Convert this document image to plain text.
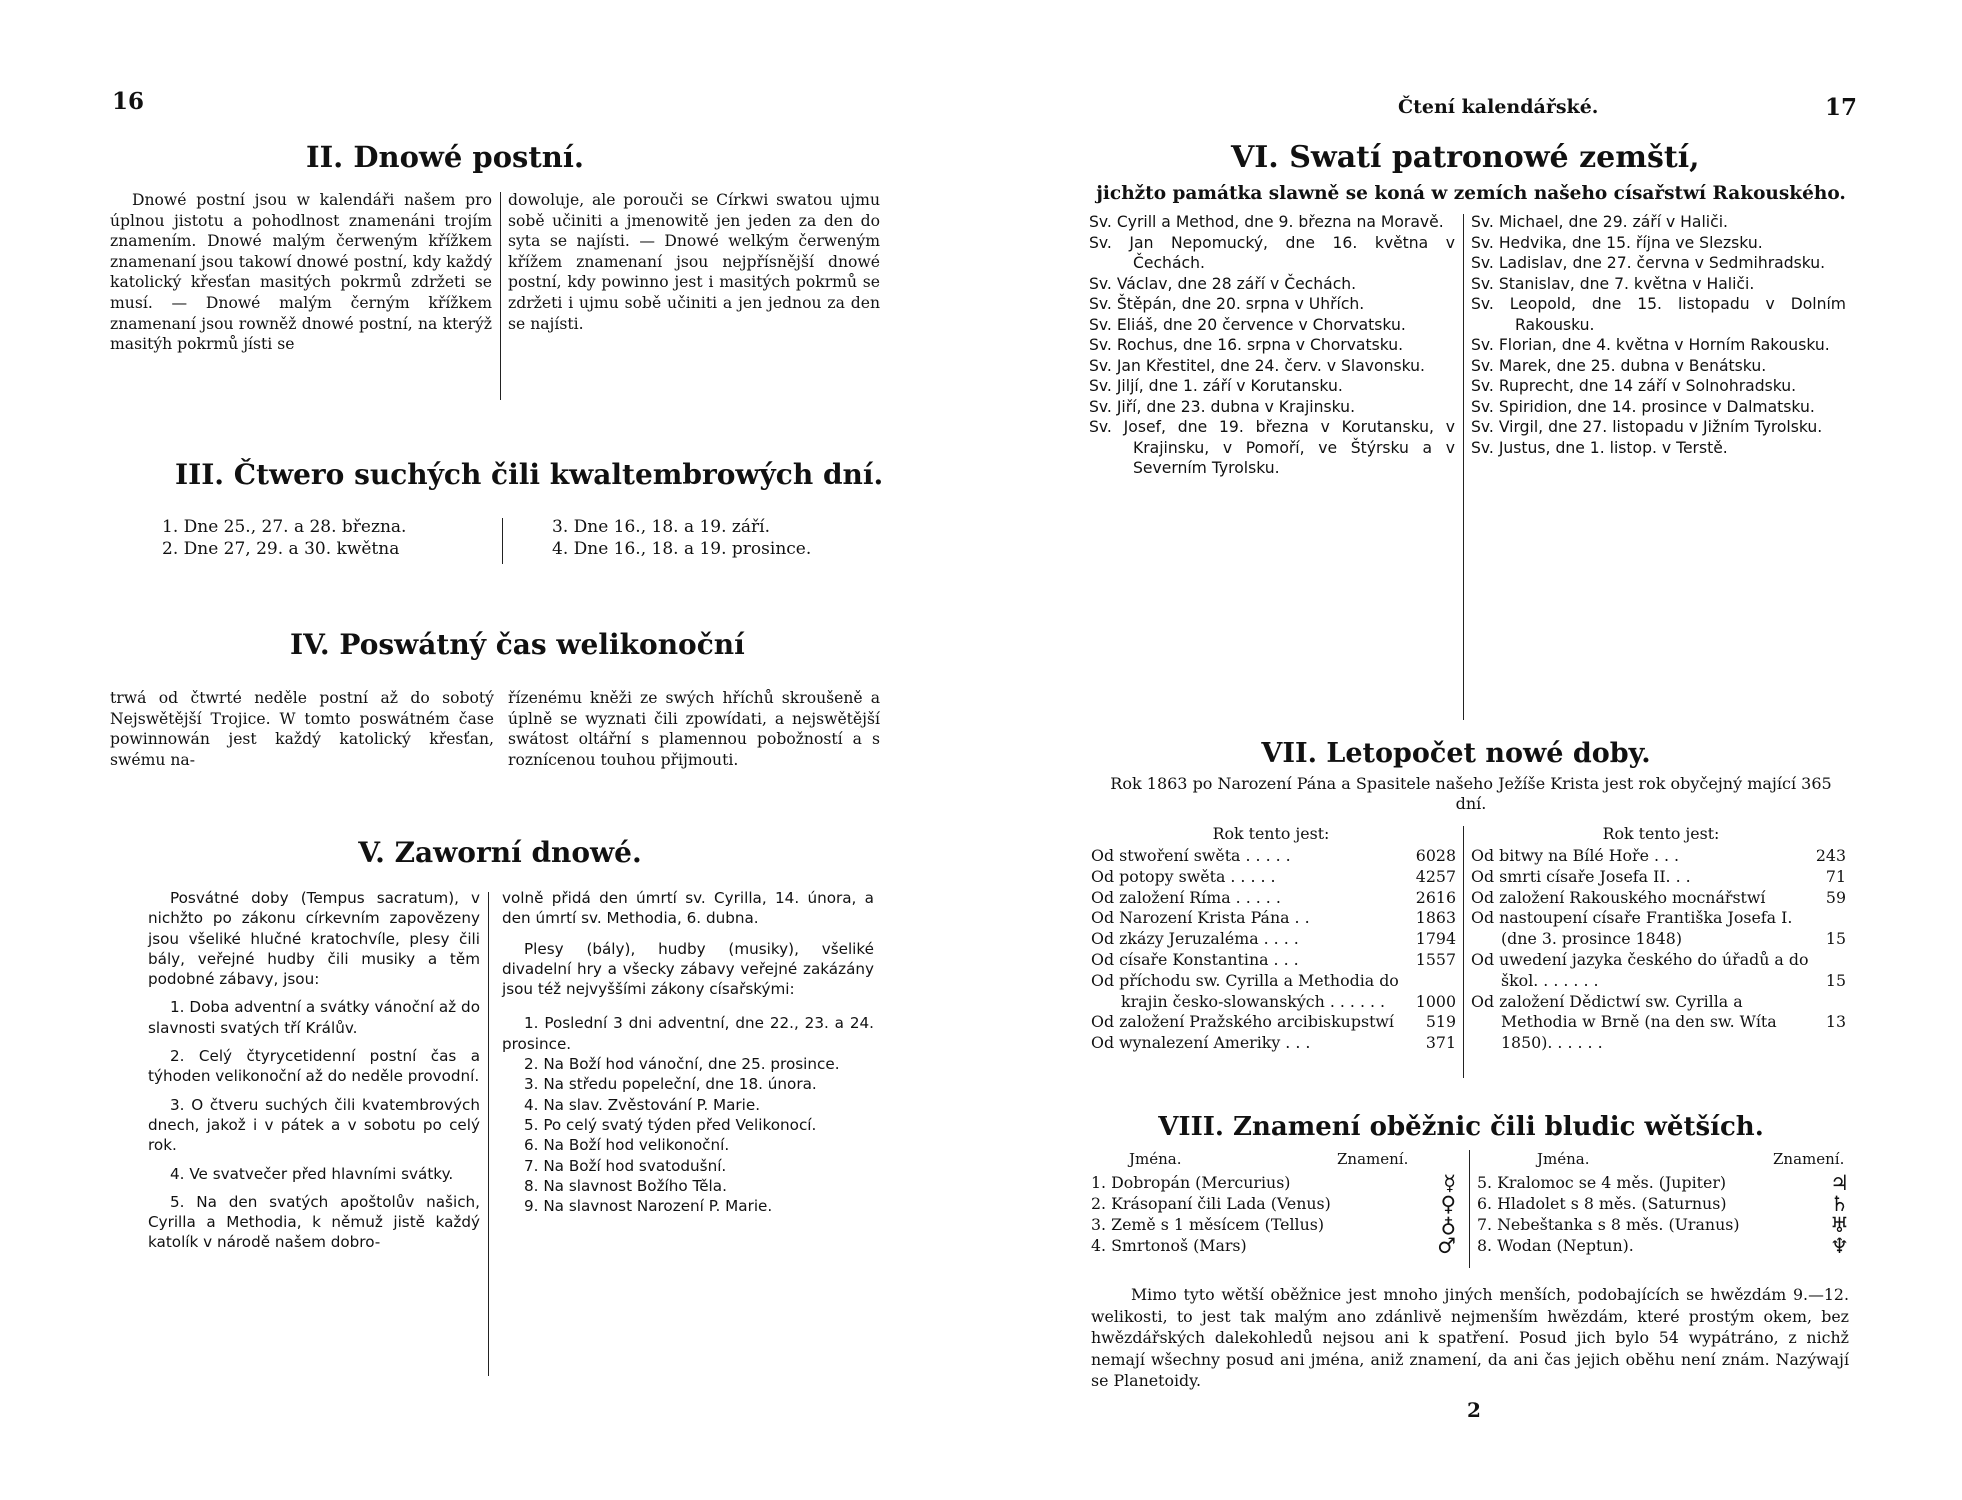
16
II. Dnowé postní.

Dnowé postní jsou w kalendáři našem pro úplnou jistotu a pohodlnost znamenáni trojím znamením. Dnowé malým čerweným křížkem znamenaní jsou takowí dnowé postní, kdy každý katolický křesťan masitých pokrmů zdržeti se musí. — Dnowé malým černým křížkem znamenaní jsou rowněž dnowé postní, na kterýž masitýh pokrmů jísti se

dowoluje, ale porouči se Církwi swatou ujmu sobě učiniti a jmenowitě jen jeden za den do syta se najísti. — Dnowé welkým čerweným křížem znamenaní jsou nejpřísnější dnowé postní, kdy powinno jest i masitých pokrmů se zdržeti i ujmu sobě učiniti a jen jednou za den se najísti.

III. Čtwero suchých čili kwaltembrowých dní.
1. Dne 25., 27. a 28. března.
2. Dne 27, 29. a 30. kwětna
3. Dne 16., 18. a 19. září.
4. Dne 16., 18. a 19. prosince.
IV. Poswátný čas welikonoční

trwá od čtwrté neděle postní až do sobotý Nejswětější Trojice. W tomto poswátném čase powinnowán jest každý katolický křesťan, swému na-

řízenému kněži ze swých hříchů skroušeně a úplně se wyznati čili zpowídati, a nejswětější swátost oltářní s plamennou pobožností a s roznícenou touhou přijmouti.

V. Zaworní dnowé.

Posvátné doby (Tempus sacratum), v nichžto po zákonu církevním zapovězeny jsou všeliké hlučné kratochvíle, plesy čili bály, veřejné hudby čili musiky a těm podobné zábavy, jsou:

1. Doba adventní a svátky vánoční až do slavnosti svatých tří Králův.

2. Celý čtyrycetidenní postní čas a týhoden velikonoční až do neděle provodní.

3. O čtveru suchých čili kvatembrových dnech, jakož i v pátek a v sobotu po celý rok.

4. Ve svatvečer před hlavními svátky.

5. Na den svatých apoštolův našich, Cyrilla a Methodia, k němuž jistě každý katolík v národě našem dobro-

volně přidá den úmrtí sv. Cyrilla, 14. února, a den úmrtí sv. Methodia, 6. dubna.

Plesy (bály), hudby (musiky), všeliké divadelní hry a všecky zábavy veřejné zakázány jsou též nejvyššími zákony císařskými:

1. Poslední 3 dni adventní, dne 22., 23. a 24. prosince.

2. Na Boží hod vánoční, dne 25. prosince.

3. Na středu popeleční, dne 18. února.

4. Na slav. Zvěstování P. Marie.

5. Po celý svatý týden před Velikonocí.

6. Na Boží hod velikonoční.

7. Na Boží hod svatodušní.

8. Na slavnost Božího Těla.

9. Na slavnost Narození P. Marie.

Čtení kalendářské.	17
VI. Swatí patronowé zemští,
jichžto památka slawně se koná w zemích našeho císařstwí Rakouského.

Sv. Cyrill a Method, dne 9. března na Moravě.

Sv. Jan Nepomucký, dne 16. května v Čechách.

Sv. Václav, dne 28 září v Čechách.

Sv. Štěpán, dne 20. srpna v Uhřích.

Sv. Eliáš, dne 20 července v Chorvatsku.

Sv. Rochus, dne 16. srpna v Chorvatsku.

Sv. Jan Křestitel, dne 24. červ. v Slavonsku.

Sv. Jiljí, dne 1. září v Korutansku.

Sv. Jiří, dne 23. dubna v Krajinsku.

Sv. Josef, dne 19. března v Korutansku, v Krajinsku, v Pomoří, ve Štýrsku a v Severním Tyrolsku.

Sv. Michael, dne 29. září v Haliči.

Sv. Hedvika, dne 15. října ve Slezsku.

Sv. Ladislav, dne 27. června v Sedmihradsku.

Sv. Stanislav, dne 7. května v Haliči.

Sv. Leopold, dne 15. listopadu v Dolním Rakousku.

Sv. Florian, dne 4. května v Horním Rakousku.

Sv. Marek, dne 25. dubna v Benátsku.

Sv. Ruprecht, dne 14 září v Solnohradsku.

Sv. Spiridion, dne 14. prosince v Dalmatsku.

Sv. Virgil, dne 27. listopadu v Jižním Tyrolsku.

Sv. Justus, dne 1. listop. v Terstě.

VII. Letopočet nowé doby.

Rok 1863 po Narození Pána a Spasitele našeho Ježíše Krista jest rok obyčejný mající 365 dní.

Rok tento jest:	Rok tento jest:
Od stwoření swěta . . . . .	6028
Od potopy swěta . . . . .	4257
Od založení Ríma . . . . .	2616
Od Narození Krista Pána . .	1863
Od zkázy Jeruzaléma . . . .	1794
Od císaře Konstantina . . .	1557
Od příchodu sw. Cyrilla a Methodia do krajin česko-slowanských . . . . . .	1000
Od založení Pražského arcibiskupstwí	519
Od wynalezení Ameriky . . .	371
Od bitwy na Bílé Hoře . . .	243
Od smrti císaře Josefa II. . .	71
Od založení Rakouského mocnářstwí	59
Od nastoupení císaře Františka Josefa I. (dne 3. prosince 1848)	15
Od uwedení jazyka českého do úřadů a do škol. . . . . . .	15
Od založení Dědictwí sw. Cyrilla a Methodia w Brně (na den sw. Wíta 1850). . . . . .	13
VIII. Znamení oběžnic čili bludic wětších.
Jména.	Znamení.	Jména.	Znamení.
1. Dobropán (Mercurius)	☿
2. Krásopaní čili Lada (Venus)	♀
3. Země s 1 měsícem (Tellus)	♁
4. Smrtonoš (Mars)	♂
5. Kralomoc se 4 měs. (Jupiter)	♃
6. Hladolet s 8 měs. (Saturnus)	♄
7. Nebeštanka s 8 měs. (Uranus)	♅
8. Wodan (Neptun).	♆

Mimo tyto wětší oběžnice jest mnoho jiných menších, podobajících se hwězdám 9.—12. welikosti, to jest tak malým ano zdánlivě nejmenším hwězdám, které prostým okem, bez hwězdářských dalekohledů nejsou ani k spatření. Posud jich bylo 54 wypátráno, z nichž nemají wšechny posud ani jména, aniž znamení, da ani čas jejich oběhu není znám. Nazýwají se Planetoidy.

2
